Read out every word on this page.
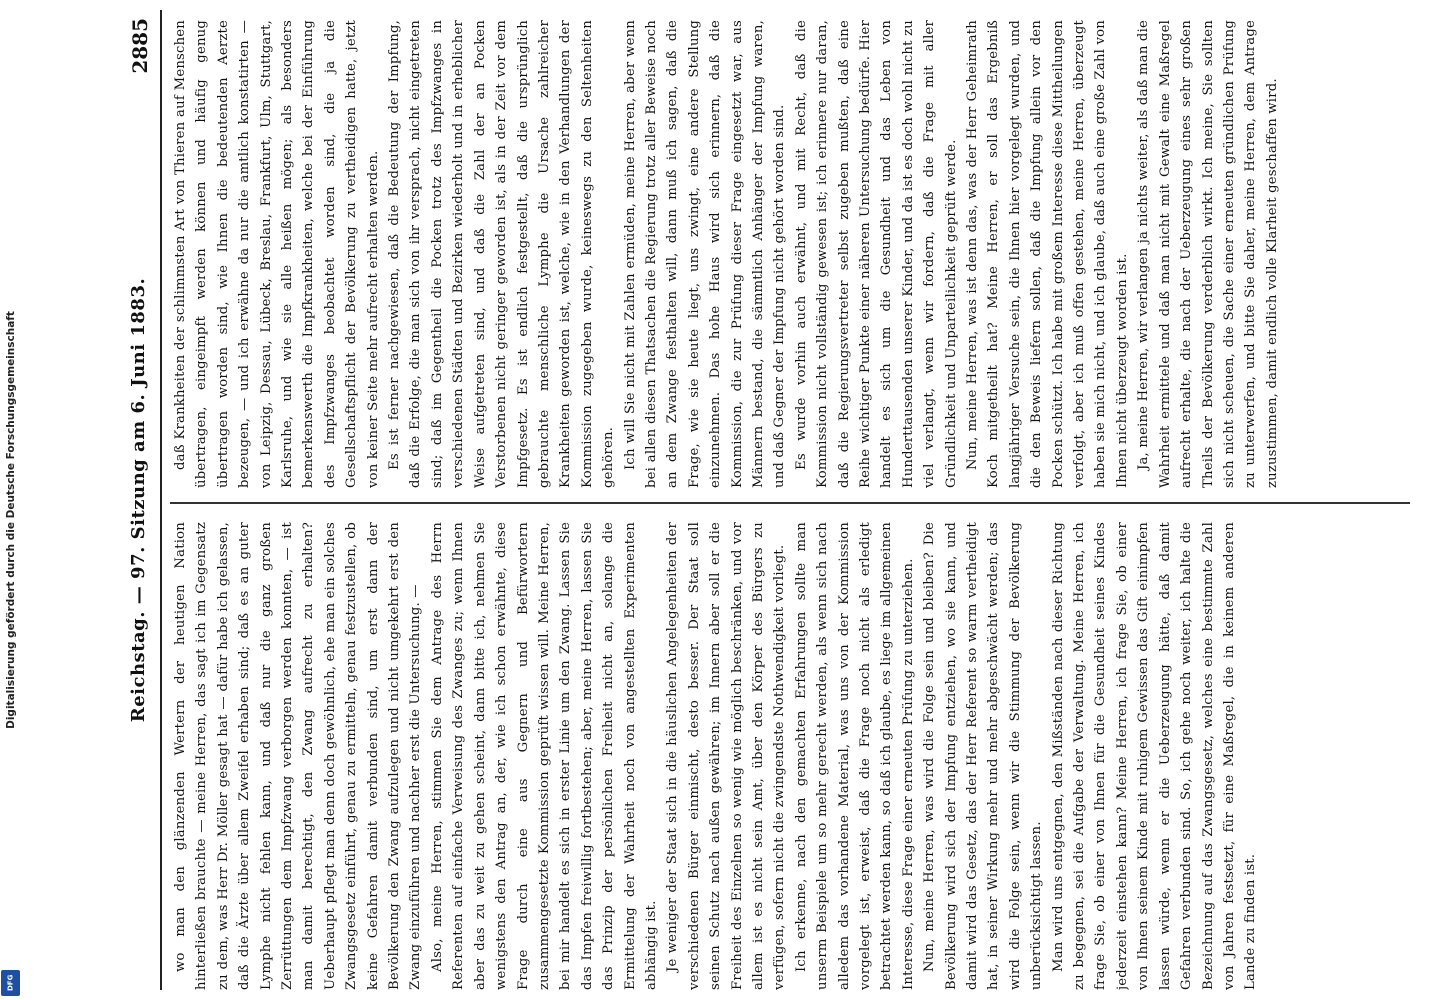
Digitalisierung gefördert durch die Deutsche Forschungsgemeinschaft
DFG
Reichstag. — 97. Sitzung am 6. Juni 1883.
2885

wo man den glänzenden Wertern der heutigen Nation hinterließen brauchte — meine Herren, das sagt ich im Gegensatz zu dem, was Herr Dr. Möller gesagt hat — dafür habe ich gelassen, daß die Ärzte über allem Zweifel erhaben sind; daß es an guter Lymphe nicht fehlen kann, und daß nur die ganz großen Zerrüttungen dem Impfzwang verborgen werden konnten, — ist man damit berechtigt, den Zwang aufrecht zu erhalten? Ueberhaupt pflegt man denn doch gewöhnlich, ehe man ein solches Zwangsgesetz einführt, genau zu ermitteln, genau festzustellen, ob keine Gefahren damit verbunden sind, um erst dann der Bevölkerung den Zwang aufzulegen und nicht umgekehrt erst den Zwang einzuführen und nachher erst die Untersuchung. — Also, meine Herren, stimmen Sie dem Antrage des Herrn Referenten auf einfache Verweisung des Zwanges zu; wenn Ihnen aber das zu weit zu gehen scheint, dann bitte ich, nehmen Sie wenigstens den Antrag an, der, wie ich schon erwähnte, diese Frage durch eine aus Gegnern und Befürwortern zusammengesetzte Kommission geprüft wissen will. Meine Herren, bei mir handelt es sich in erster Linie um den Zwang. Lassen Sie das Impfen freiwillig fortbestehen; aber, meine Herren, lassen Sie das Prinzip der persönlichen Freiheit nicht an, solange die Ermittelung der Wahrheit noch von angestellten Experimenten abhängig ist. Je weniger der Staat sich in die häuslichen Angelegenheiten der verschiedenen Bürger einmischt, desto besser. Der Staat soll seinen Schutz nach außen gewähren; im Innern aber soll er die Freiheit des Einzelnen so wenig wie möglich beschränken, und vor allem ist es nicht sein Amt, über den Körper des Bürgers zu verfügen, sofern nicht die zwingendste Nothwendigkeit vorliegt. Ich erkenne, nach den gemachten Erfahrungen sollte man unserm Beispiele um so mehr gerecht werden, als wenn sich nach alledem das vorhandene Material, was uns von der Kommission vorgelegt ist, erweist, daß die Frage noch nicht als erledigt betrachtet werden kann, so daß ich glaube, es liege im allgemeinen Interesse, diese Frage einer erneuten Prüfung zu unterziehen. Nun, meine Herren, was wird die Folge sein und bleiben? Die Bevölkerung wird sich der Impfung entziehen, wo sie kann, und damit wird das Gesetz, das der Herr Referent so warm vertheidigt hat, in seiner Wirkung mehr und mehr abgeschwächt werden; das wird die Folge sein, wenn wir die Stimmung der Bevölkerung unberücksichtigt lassen. Man wird uns entgegnen, den Mißständen nach dieser Richtung zu begegnen, sei die Aufgabe der Verwaltung. Meine Herren, ich frage Sie, ob einer von Ihnen für die Gesundheit seines Kindes jederzeit einstehen kann? Meine Herren, ich frage Sie, ob einer von Ihnen seinem Kinde mit ruhigem Gewissen das Gift einimpfen lassen würde, wenn er die Ueberzeugung hätte, daß damit Gefahren verbunden sind. So, ich gehe noch weiter, ich halte die Bezeichnung auf das Zwangsgesetz, welches eine bestimmte Zahl von Jahren festsetzt, für eine Maßregel, die in keinem anderen Lande zu finden ist.

daß Krankheiten der schlimmsten Art von Thieren auf Menschen übertragen, eingeimpft werden können und häufig genug übertragen worden sind, wie Ihnen die bedeutenden Aerzte bezeugen, — und ich erwähne da nur die amtlich konstatirten — von Leipzig, Dessau, Lübeck, Breslau, Frankfurt, Ulm, Stuttgart, Karlsruhe, und wie sie alle heißen mögen; als besonders bemerkenswerth die Impfkrankheiten, welche bei der Einführung des Impfzwanges beobachtet worden sind, die ja die Gesellschaftspflicht der Bevölkerung zu vertheidigen hatte, jetzt von keiner Seite mehr aufrecht erhalten werden. Es ist ferner nachgewiesen, daß die Bedeutung der Impfung, daß die Erfolge, die man sich von ihr versprach, nicht eingetreten sind; daß im Gegentheil die Pocken trotz des Impfzwanges in verschiedenen Städten und Bezirken wiederholt und in erheblicher Weise aufgetreten sind, und daß die Zahl der an Pocken Verstorbenen nicht geringer geworden ist, als in der Zeit vor dem Impfgesetz. Es ist endlich festgestellt, daß die ursprünglich gebrauchte menschliche Lymphe die Ursache zahlreicher Krankheiten geworden ist, welche, wie in den Verhandlungen der Kommission zugegeben wurde, keineswegs zu den Seltenheiten gehören. Ich will Sie nicht mit Zahlen ermüden, meine Herren, aber wenn bei allen diesen Thatsachen die Regierung trotz aller Beweise noch an dem Zwange festhalten will, dann muß ich sagen, daß die Frage, wie sie heute liegt, uns zwingt, eine andere Stellung einzunehmen. Das hohe Haus wird sich erinnern, daß die Kommission, die zur Prüfung dieser Frage eingesetzt war, aus Männern bestand, die sämmtlich Anhänger der Impfung waren, und daß Gegner der Impfung nicht gehört worden sind. Es wurde vorhin auch erwähnt, und mit Recht, daß die Kommission nicht vollständig gewesen ist; ich erinnere nur daran, daß die Regierungsvertreter selbst zugeben mußten, daß eine Reihe wichtiger Punkte einer näheren Untersuchung bedürfe. Hier handelt es sich um die Gesundheit und das Leben von Hunderttausenden unserer Kinder, und da ist es doch wohl nicht zu viel verlangt, wenn wir fordern, daß die Frage mit aller Gründlichkeit und Unparteilichkeit geprüft werde. Nun, meine Herren, was ist denn das, was der Herr Geheimrath Koch mitgetheilt hat? Meine Herren, er soll das Ergebniß langjähriger Versuche sein, die Ihnen hier vorgelegt wurden, und die den Beweis liefern sollen, daß die Impfung allein vor den Pocken schützt. Ich habe mit großem Interesse diese Mittheilungen verfolgt, aber ich muß offen gestehen, meine Herren, überzeugt haben sie mich nicht, und ich glaube, daß auch eine große Zahl von Ihnen nicht überzeugt worden ist. Ja, meine Herren, wir verlangen ja nichts weiter, als daß man die Wahrheit ermittele und daß man nicht mit Gewalt eine Maßregel aufrecht erhalte, die nach der Ueberzeugung eines sehr großen Theils der Bevölkerung verderblich wirkt. Ich meine, Sie sollten sich nicht scheuen, die Sache einer erneuten gründlichen Prüfung zu unterwerfen, und bitte Sie daher, meine Herren, dem Antrage zuzustimmen, damit endlich volle Klarheit geschaffen wird.
